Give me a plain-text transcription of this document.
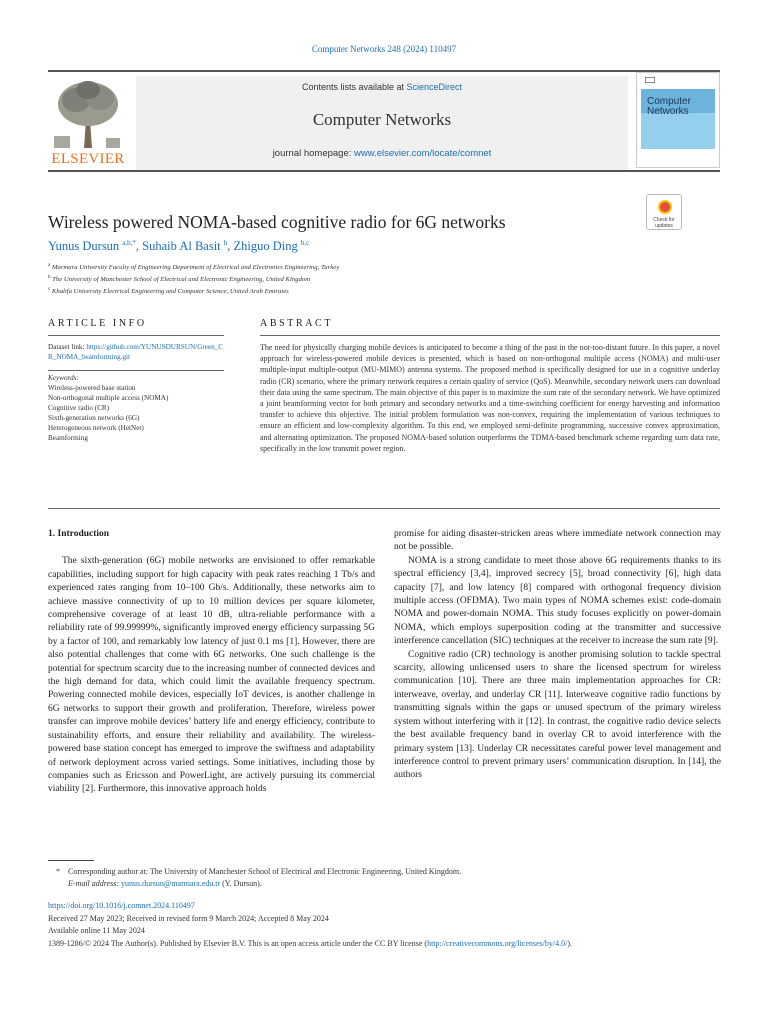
Computer Networks 248 (2024) 110497
ELSEVIER
Contents lists available at ScienceDirect
Computer Networks
journal homepage: www.elsevier.com/locate/comnet
Computer
Networks
Wireless powered NOMA-based cognitive radio for 6G networks	Check for updates
Yunus Dursun $^{a,b,*}$, Suhaib Al Basit $^b$, Zhiguo Ding $^{b,c}$
$^a$ Marmara University Faculty of Engineering Department of Electrical and Electronics Engineering, Turkey
$^b$ The University of Manchester School of Electrical and Electronic Engineering, United Kingdom
$^c$ Khalifa University Electrical Engineering and Computer Science, United Arab Emirates
ARTICLE INFO	ABSTRACT
Dataset link: https://github.com/YUNUSDURSUN/Green_CR_NOMA_beamforming.git
Keywords:
Wireless-powered base station
Non-orthogonal multiple access (NOMA)
Cognitive radio (CR)
Sixth-generation networks (6G)
Heterogeneous network (HetNet)
Beamforming
The need for physically charging mobile devices is anticipated to become a thing of the past in the not-too-distant future. In this paper, a novel approach for wireless-powered mobile devices is presented, which is based on non-orthogonal multiple access (NOMA) and multi-user multiple-input multiple-output (MU-MIMO) antenna systems. The proposed method is specifically designed for use in a cognitive underlay radio (CR) scenario, where the primary network requires a certain quality of service (QoS). Meanwhile, secondary network users can download their data using the same spectrum. The main objective of this paper is to maximize the sum rate of the secondary network. We have optimized a joint beamforming vector for both primary and secondary networks and a time-switching coefficient for energy harvesting and information transfer to achieve this objective. The initial problem formulation was non-convex, requiring the implementation of various techniques to ensure an efficient and low-complexity algorithm. To this end, we employed semi-definite programming, successive convex approximation, and alternating optimization. The proposed NOMA-based solution outperforms the TDMA-based benchmark scheme regarding sum data rate, specifically in the low transmit power region.
1. Introduction

The sixth-generation (6G) mobile networks are envisioned to offer remarkable capabilities, including support for high capacity with peak rates reaching 1 Tb/s and experienced rates ranging from 10–100 Gb/s. Additionally, these networks aim to achieve massive connectivity of up to 10 million devices per square kilometer, comprehensive coverage of at least 10 dB, ultra-reliable performance with a reliability rate of 99.99999%, significantly improved energy efficiency surpassing 5G by a factor of 100, and remarkably low latency of just 0.1 ms [1]. However, there are also potential challenges that come with 6G networks. One such challenge is the potential for spectrum scarcity due to the increasing number of connected devices and the high demand for data, which could limit the available frequency spectrum. Powering connected mobile devices, especially IoT devices, is another challenge in 6G networks to support their growth and proliferation. Therefore, wireless power transfer can improve mobile devices’ battery life and energy efficiency, contribute to sustainability efforts, and ensure their reliability and availability. The wireless-powered base station concept has emerged to improve the swiftness and adaptability of network deployment across varied settings. Some initiatives, including those by companies such as Ericsson and PowerLight, are actively pursuing its commercial viability [2]. Furthermore, this innovative approach holds

promise for aiding disaster-stricken areas where immediate network connection may not be possible.

NOMA is a strong candidate to meet those above 6G requirements thanks to its spectral efficiency [3,4], improved secrecy [5], broad connectivity [6], high data capacity [7], and low latency [8] compared with orthogonal frequency division multiple access (OFDMA). Two main types of NOMA schemes exist: code-domain NOMA and power-domain NOMA. This study focuses explicitly on power-domain NOMA, which employs superposition coding at the transmitter and successive interference cancellation (SIC) techniques at the receiver to increase the sum rate [9].

Cognitive radio (CR) technology is another promising solution to tackle spectral scarcity, allowing unlicensed users to share the licensed spectrum for wireless communication [10]. There are three main implementation approaches for CR: interweave, overlay, and underlay CR [11]. Interweave cognitive radio functions by transmitting signals within the gaps or unused spectrum of the primary wireless system without interfering with it [12]. In contrast, the cognitive radio device selects the best available frequency band in overlay CR to avoid interference with the primary system [13]. Underlay CR necessitates careful power level management and interference control to prevent primary users’ communication disruption. In [14], the authors

* Corresponding author at: The University of Manchester School of Electrical and Electronic Engineering, United Kingdom.
E-mail address: yunus.dursun@marmara.edu.tr (Y. Dursun).
https://doi.org/10.1016/j.comnet.2024.110497
Received 27 May 2023; Received in revised form 9 March 2024; Accepted 8 May 2024
Available online 11 May 2024
1389-1286/© 2024 The Author(s). Published by Elsevier B.V. This is an open access article under the CC BY license (http://creativecommons.org/licenses/by/4.0/).
